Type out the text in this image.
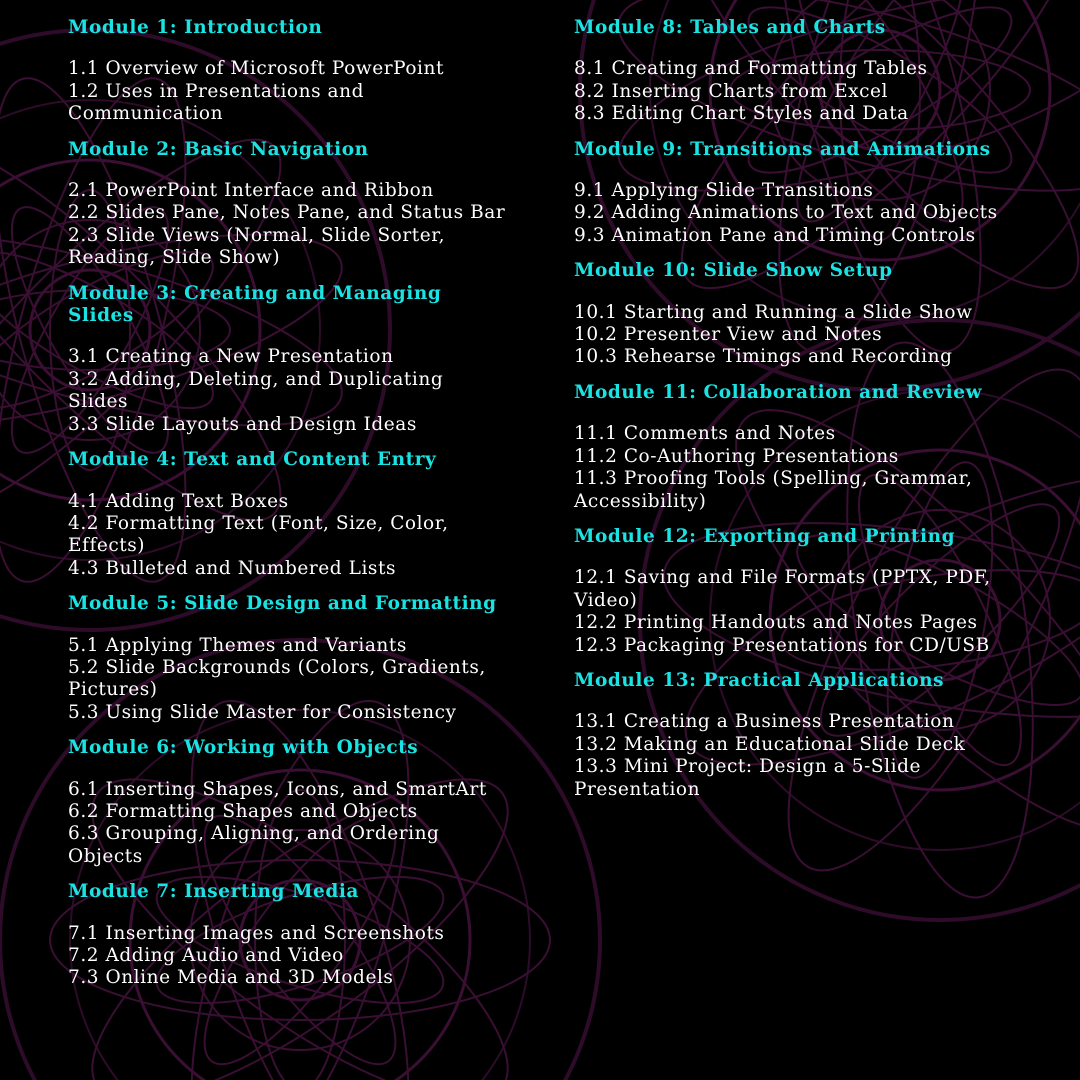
Module 1: Introduction
1.1 Overview of Microsoft PowerPoint
1.2 Uses in Presentations and Communication
Module 2: Basic Navigation
2.1 PowerPoint Interface and Ribbon
2.2 Slides Pane, Notes Pane, and Status Bar
2.3 Slide Views (Normal, Slide Sorter, Reading, Slide Show)
Module 3: Creating and Managing Slides
3.1 Creating a New Presentation
3.2 Adding, Deleting, and Duplicating Slides
3.3 Slide Layouts and Design Ideas
Module 4: Text and Content Entry
4.1 Adding Text Boxes
4.2 Formatting Text (Font, Size, Color, Effects)
4.3 Bulleted and Numbered Lists
Module 5: Slide Design and Formatting
5.1 Applying Themes and Variants
5.2 Slide Backgrounds (Colors, Gradients, Pictures)
5.3 Using Slide Master for Consistency
Module 6: Working with Objects
6.1 Inserting Shapes, Icons, and SmartArt
6.2 Formatting Shapes and Objects
6.3 Grouping, Aligning, and Ordering Objects
Module 7: Inserting Media
7.1 Inserting Images and Screenshots
7.2 Adding Audio and Video
7.3 Online Media and 3D Models
Module 8: Tables and Charts
8.1 Creating and Formatting Tables
8.2 Inserting Charts from Excel
8.3 Editing Chart Styles and Data
Module 9: Transitions and Animations
9.1 Applying Slide Transitions
9.2 Adding Animations to Text and Objects
9.3 Animation Pane and Timing Controls
Module 10: Slide Show Setup
10.1 Starting and Running a Slide Show
10.2 Presenter View and Notes
10.3 Rehearse Timings and Recording
Module 11: Collaboration and Review
11.1 Comments and Notes
11.2 Co-Authoring Presentations
11.3 Proofing Tools (Spelling, Grammar, Accessibility)
Module 12: Exporting and Printing
12.1 Saving and File Formats (PPTX, PDF, Video)
12.2 Printing Handouts and Notes Pages
12.3 Packaging Presentations for CD/USB
Module 13: Practical Applications
13.1 Creating a Business Presentation
13.2 Making an Educational Slide Deck
13.3 Mini Project: Design a 5-Slide Presentation
